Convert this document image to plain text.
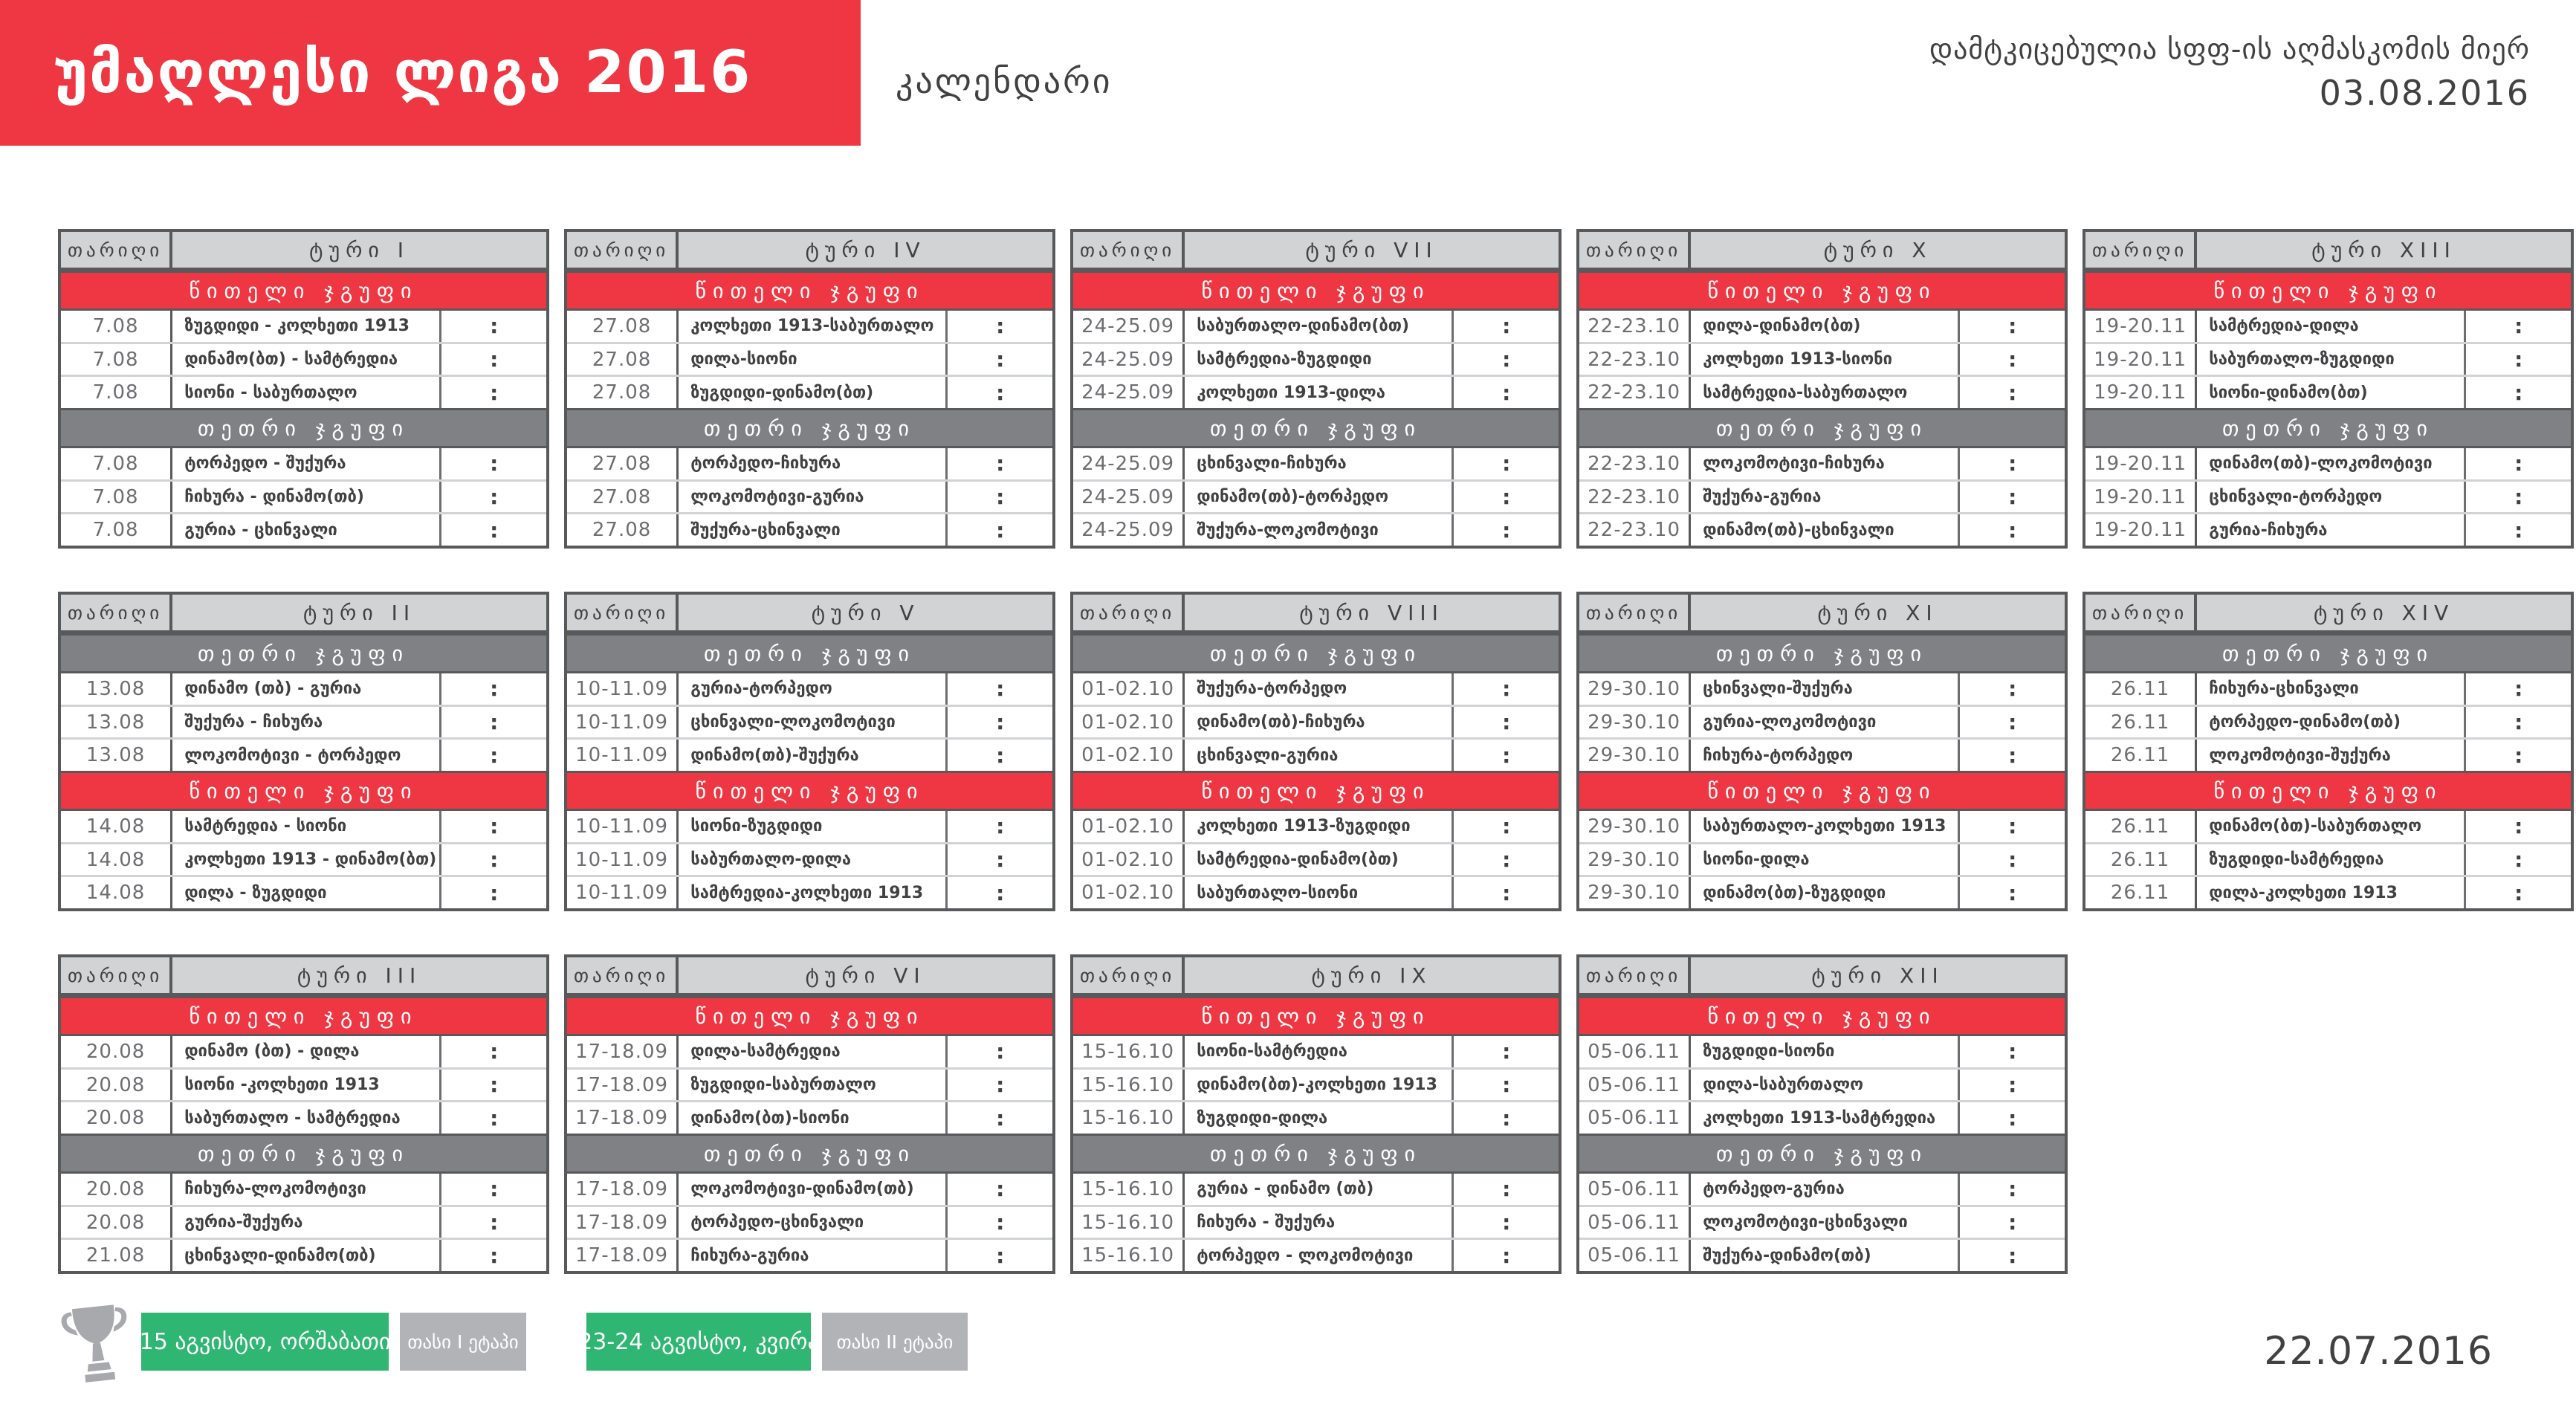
უმაღლესი ლიგა 2016	კალენდარი
დამტკიცებულია სფფ-ის აღმასკომის მიერ
03.08.2016
თარიღი	ტური I
წითელი ჯგუფი
7.08	ზუგდიდი - კოლხეთი 1913	:
7.08	დინამო(ბთ) - სამტრედია	:
7.08	სიონი - საბურთალო	:
თეთრი ჯგუფი
7.08	ტორპედო - შუქურა	:
7.08	ჩიხურა - დინამო(თბ)	:
7.08	გურია - ცხინვალი	:
თარიღი	ტური IV
წითელი ჯგუფი
27.08	კოლხეთი 1913-საბურთალო	:
27.08	დილა-სიონი	:
27.08	ზუგდიდი-დინამო(ბთ)	:
თეთრი ჯგუფი
27.08	ტორპედო-ჩიხურა	:
27.08	ლოკომოტივი-გურია	:
27.08	შუქურა-ცხინვალი	:
თარიღი	ტური VII
წითელი ჯგუფი
24-25.09	საბურთალო-დინამო(ბთ)	:
24-25.09	სამტრედია-ზუგდიდი	:
24-25.09	კოლხეთი 1913-დილა	:
თეთრი ჯგუფი
24-25.09	ცხინვალი-ჩიხურა	:
24-25.09	დინამო(თბ)-ტორპედო	:
24-25.09	შუქურა-ლოკომოტივი	:
თარიღი	ტური X
წითელი ჯგუფი
22-23.10	დილა-დინამო(ბთ)	:
22-23.10	კოლხეთი 1913-სიონი	:
22-23.10	სამტრედია-საბურთალო	:
თეთრი ჯგუფი
22-23.10	ლოკომოტივი-ჩიხურა	:
22-23.10	შუქურა-გურია	:
22-23.10	დინამო(თბ)-ცხინვალი	:
თარიღი	ტური XIII
წითელი ჯგუფი
19-20.11	სამტრედია-დილა	:
19-20.11	საბურთალო-ზუგდიდი	:
19-20.11	სიონი-დინამო(ბთ)	:
თეთრი ჯგუფი
19-20.11	დინამო(თბ)-ლოკომოტივი	:
19-20.11	ცხინვალი-ტორპედო	:
19-20.11	გურია-ჩიხურა	:
თარიღი	ტური II
თეთრი ჯგუფი
13.08	დინამო (თბ) - გურია	:
13.08	შუქურა - ჩიხურა	:
13.08	ლოკომოტივი - ტორპედო	:
წითელი ჯგუფი
14.08	სამტრედია - სიონი	:
14.08	კოლხეთი 1913 - დინამო(ბთ)	:
14.08	დილა - ზუგდიდი	:
თარიღი	ტური V
თეთრი ჯგუფი
10-11.09	გურია-ტორპედო	:
10-11.09	ცხინვალი-ლოკომოტივი	:
10-11.09	დინამო(თბ)-შუქურა	:
წითელი ჯგუფი
10-11.09	სიონი-ზუგდიდი	:
10-11.09	საბურთალო-დილა	:
10-11.09	სამტრედია-კოლხეთი 1913	:
თარიღი	ტური VIII
თეთრი ჯგუფი
01-02.10	შუქურა-ტორპედო	:
01-02.10	დინამო(თბ)-ჩიხურა	:
01-02.10	ცხინვალი-გურია	:
წითელი ჯგუფი
01-02.10	კოლხეთი 1913-ზუგდიდი	:
01-02.10	სამტრედია-დინამო(ბთ)	:
01-02.10	საბურთალო-სიონი	:
თარიღი	ტური XI
თეთრი ჯგუფი
29-30.10	ცხინვალი-შუქურა	:
29-30.10	გურია-ლოკომოტივი	:
29-30.10	ჩიხურა-ტორპედო	:
წითელი ჯგუფი
29-30.10	საბურთალო-კოლხეთი 1913	:
29-30.10	სიონი-დილა	:
29-30.10	დინამო(ბთ)-ზუგდიდი	:
თარიღი	ტური XIV
თეთრი ჯგუფი
26.11	ჩიხურა-ცხინვალი	:
26.11	ტორპედო-დინამო(თბ)	:
26.11	ლოკომოტივი-შუქურა	:
წითელი ჯგუფი
26.11	დინამო(ბთ)-საბურთალო	:
26.11	ზუგდიდი-სამტრედია	:
26.11	დილა-კოლხეთი 1913	:
თარიღი	ტური III
წითელი ჯგუფი
20.08	დინამო (ბთ) - დილა	:
20.08	სიონი -კოლხეთი 1913	:
20.08	საბურთალო - სამტრედია	:
თეთრი ჯგუფი
20.08	ჩიხურა-ლოკომოტივი	:
20.08	გურია-შუქურა	:
21.08	ცხინვალი-დინამო(თბ)	:
თარიღი	ტური VI
წითელი ჯგუფი
17-18.09	დილა-სამტრედია	:
17-18.09	ზუგდიდი-საბურთალო	:
17-18.09	დინამო(ბთ)-სიონი	:
თეთრი ჯგუფი
17-18.09	ლოკომოტივი-დინამო(თბ)	:
17-18.09	ტორპედო-ცხინვალი	:
17-18.09	ჩიხურა-გურია	:
თარიღი	ტური IX
წითელი ჯგუფი
15-16.10	სიონი-სამტრედია	:
15-16.10	დინამო(ბთ)-კოლხეთი 1913	:
15-16.10	ზუგდიდი-დილა	:
თეთრი ჯგუფი
15-16.10	გურია - დინამო (თბ)	:
15-16.10	ჩიხურა - შუქურა	:
15-16.10	ტორპედო - ლოკომოტივი	:
თარიღი	ტური XII
წითელი ჯგუფი
05-06.11	ზუგდიდი-სიონი	:
05-06.11	დილა-საბურთალო	:
05-06.11	კოლხეთი 1913-სამტრედია	:
თეთრი ჯგუფი
05-06.11	ტორპედო-გურია	:
05-06.11	ლოკომოტივი-ცხინვალი	:
05-06.11	შუქურა-დინამო(თბ)	:
15 აგვისტო, ორშაბათი თასი I ეტაპი	23-24 აგვისტო, კვირა თასი II ეტაპი	22.07.2016
